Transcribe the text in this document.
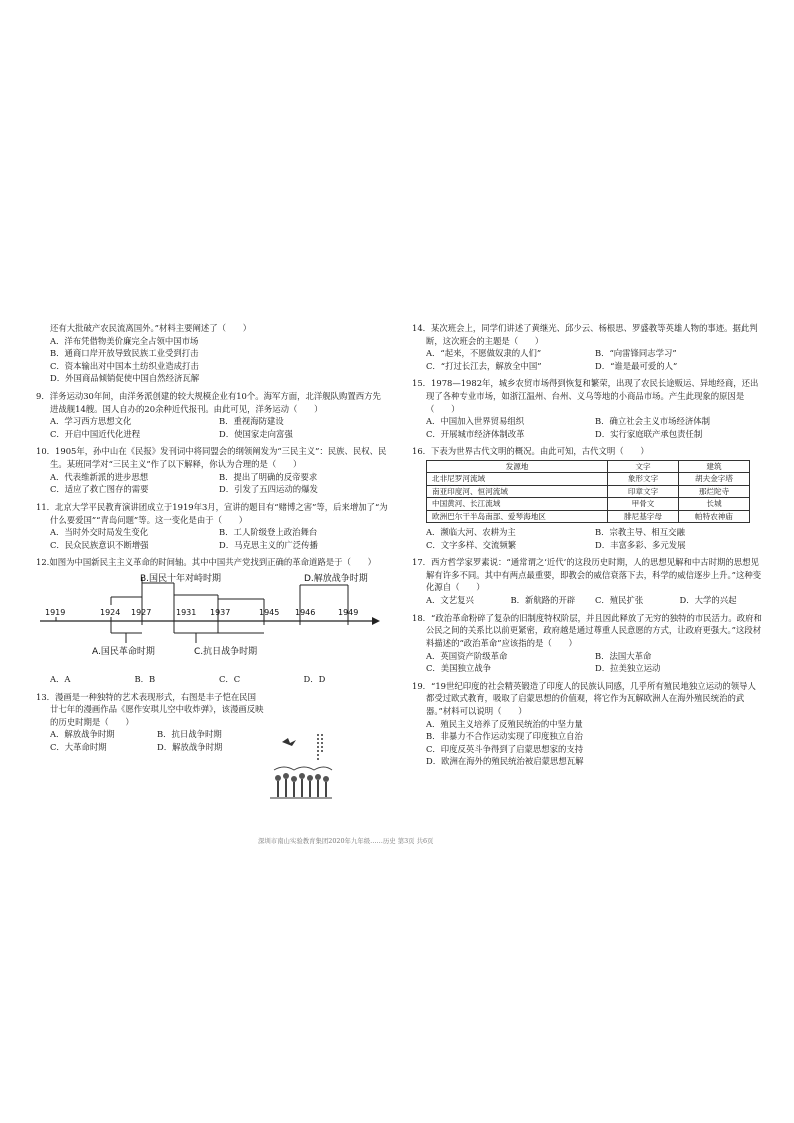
还有大批破产农民流离国外。”材料主要阐述了（　　）
A．洋布凭借物美价廉完全占领中国市场
B．通商口岸开放导致民族工业受到打击
C．资本输出对中国本土纺织业造成打击
D．外国商品倾销促使中国自然经济瓦解
9．洋务运动30年间，由洋务派创建的较大规模企业有10个。海军方面，北洋舰队购置西方先进战舰14艘。国人自办的20余种近代报刊。由此可见，洋务运动（　　）
A．学习西方思想文化	B．重视海防建设
C．开启中国近代化进程	D．使国家走向富强
10．1905年，孙中山在《民报》发刊词中将同盟会的纲领阐发为“三民主义”：民族、民权、民生。某班同学对“三民主义”作了以下解释，你认为合理的是（　　）
A．代表维新派的进步思想	B．提出了明确的反帝要求
C．适应了救亡图存的需要	D．引发了五四运动的爆发
11．北京大学平民教育演讲团成立于1919年3月，宣讲的题目有“赌博之害”等，后来增加了“为什么要爱国”“青岛问题”等。这一变化是由于（　　）
A．当时外交时局发生变化	B．工人阶级登上政治舞台
C．民众民族意识不断增强	D．马克思主义的广泛传播
12.如图为中国新民主主义革命的时间轴。其中中国共产党找到正确的革命道路是于（　　）
B.国民十年对峙时期	D.解放战争时期
1919	1924 1927	1931 1937	1945 1946	1949
A.国民革命时期	C.抗日战争时期
A．A	B．B	C．C	D．D
13．漫画是一种独特的艺术表现形式，右图是丰子恺在民国廿七年的漫画作品《愿作安琪儿空中收炸弹》，该漫画反映的历史时期是（　　）
A．解放战争时期	B．抗日战争时期
C．大革命时期	D．解放战争时期
14．某次班会上，同学们讲述了黄继光、邱少云、杨根思、罗盛教等英雄人物的事迹。据此判断，这次班会的主题是（　　）
A．“起来，不愿做奴隶的人们”	B．“向雷锋同志学习”
C．“打过长江去，解放全中国”	D．“谁是最可爱的人”
15．1978—1982年，城乡农贸市场得到恢复和繁荣，出现了农民长途贩运、异地经商，还出现了各种专业市场，如浙江温州、台州、义乌等地的小商品市场。产生此现象的原因是（　　）
A．中国加入世界贸易组织	B．确立社会主义市场经济体制
C．开展城市经济体制改革	D．实行家庭联产承包责任制
16．下表为世界古代文明的概况。由此可知，古代文明（　　）
发源地	文字	建筑
北非尼罗河流域	象形文字	胡夫金字塔
南亚印度河、恒河流域	印章文字	那烂陀寺
中国黄河、长江流域	甲骨文	长城
欧洲巴尔干半岛南部、爱琴海地区	腓尼基字母	帕特农神庙
A．濒临大河、农耕为主	B．宗教主导、相互交融
C．文字多样、交流频繁	D．丰富多彩、多元发展
17．西方哲学家罗素说：“通常谓之‘近代’的这段历史时期，人的思想见解和中古时期的思想见解有许多不同。其中有两点最重要，即教会的威信衰落下去，科学的威信逐步上升。”这种变化源自（　　）
A．文艺复兴	B．新航路的开辟	C．殖民扩张	D．大学的兴起
18．“政治革命粉碎了复杂的旧制度特权阶层，并且因此释放了无穷的独特的市民活力。政府和公民之间的关系比以前更紧密，政府越是通过尊重人民意愿的方式，让政府更强大。”这段材料描述的“政治革命”应该指的是（　　）
A．英国资产阶级革命	B．法国大革命
C．美国独立战争	D．拉美独立运动
19．“19世纪印度的社会精英锻造了印度人的民族认同感，几乎所有殖民地独立运动的领导人都受过欧式教育，吸取了启蒙思想的价值观，将它作为瓦解欧洲人在海外殖民统治的武器。”材料可以说明（　　）
A．殖民主义培养了反殖民统治的中坚力量
B．非暴力不合作运动实现了印度独立自治
C．印度反英斗争得到了启蒙思想家的支持
D．欧洲在海外的殖民统治被启蒙思想瓦解
深圳市南山实验教育集团2020年九年级……历史 第3页 共6页
